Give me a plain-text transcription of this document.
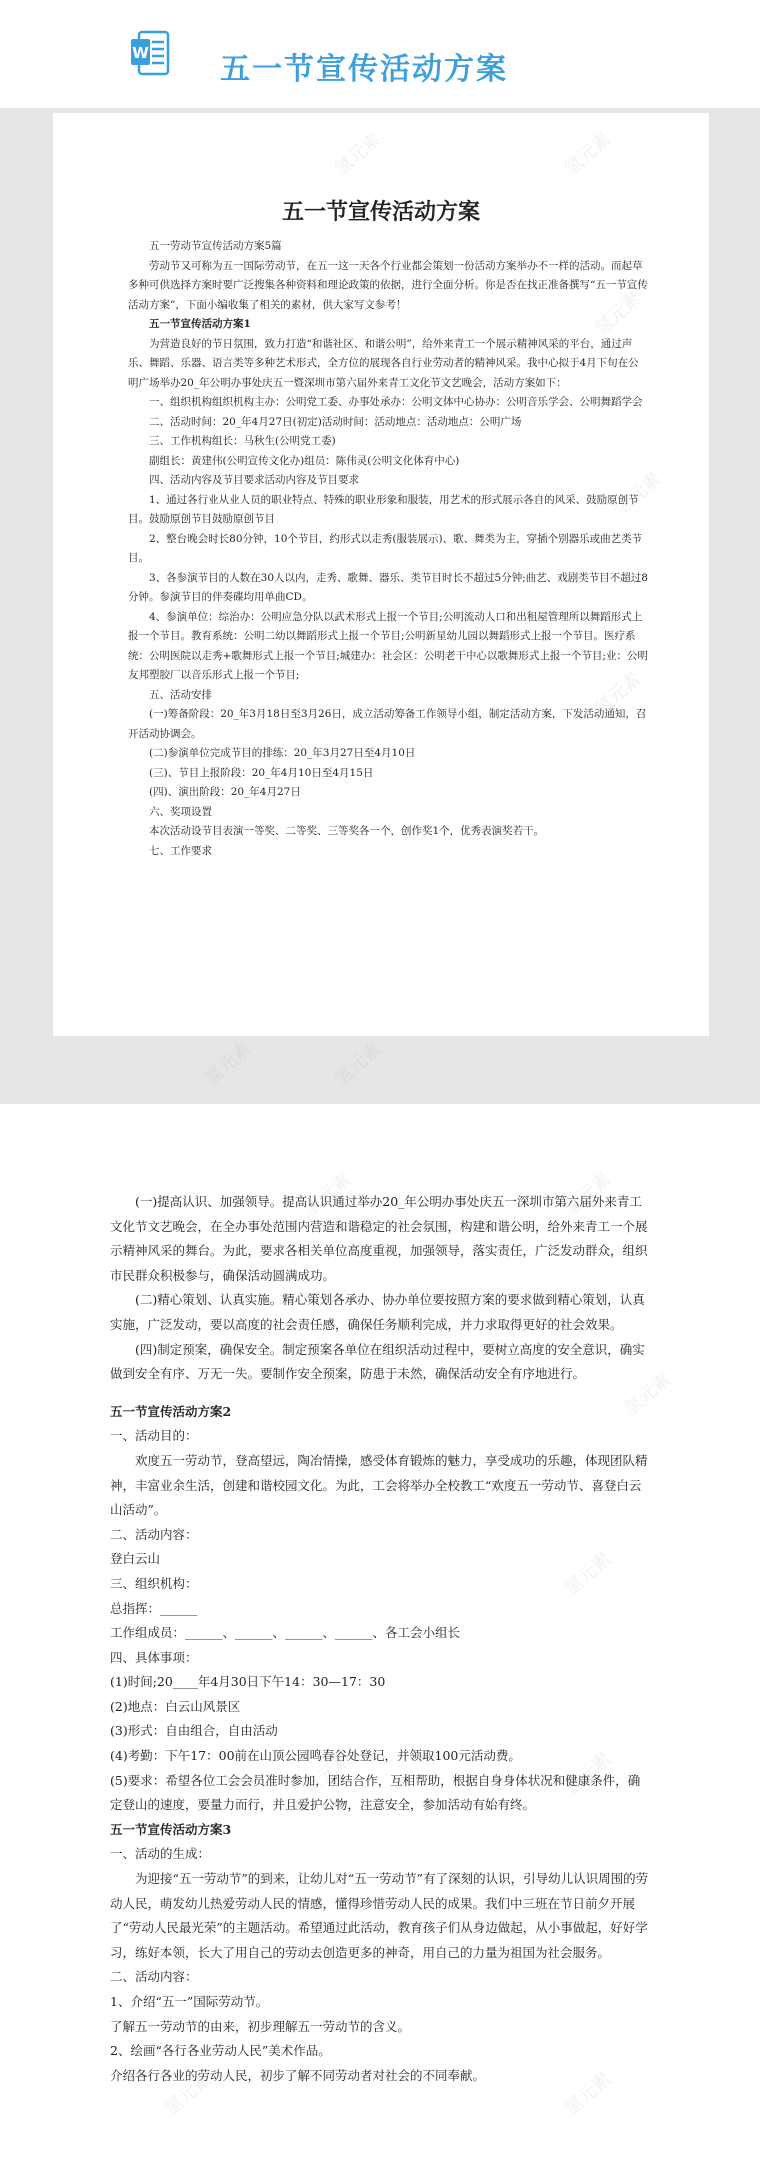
W 五一节宣传活动方案
五一节宣传活动方案

五一劳动节宣传活动方案5篇

劳动节又可称为五一国际劳动节，在五一这一天各个行业都会策划一份活动方案举办不一样的活动。而起草多种可供选择方案时要广泛搜集各种资料和理论政策的依据，进行全面分析。你是否在找正准备撰写“五一节宣传活动方案”，下面小编收集了相关的素材，供大家写文参考！

五一节宣传活动方案1

为营造良好的节日氛围，致力打造“和谐社区、和谐公明”，给外来青工一个展示精神风采的平台，通过声乐、舞蹈、乐器、语言类等多种艺术形式，全方位的展现各自行业劳动者的精神风采。我中心拟于4月下旬在公明广场举办20_年公明办事处庆五一暨深圳市第六届外来青工文化节文艺晚会，活动方案如下：

一、组织机构组织机构主办：公明党工委、办事处承办：公明文体中心协办：公明音乐学会、公明舞蹈学会

二、活动时间：20_年4月27日(初定)活动时间：活动地点：活动地点：公明广场

三、工作机构组长：马秋生(公明党工委)

副组长：黄建伟(公明宣传文化办)组员：陈伟灵(公明文化体育中心)

四、活动内容及节目要求活动内容及节目要求

1、通过各行业从业人员的职业特点、特殊的职业形象和服装，用艺术的形式展示各自的风采、鼓励原创节目。鼓励原创节目鼓励原创节目

2、整台晚会时长80分钟，10个节目，约形式以走秀(服装展示)、歌、舞类为主，穿插个别器乐或曲艺类节目。

3、各参演节目的人数在30人以内，走秀、歌舞、器乐、类节目时长不超过5分钟;曲艺、戏剧类节目不超过8分钟。参演节目的伴奏碟均用单曲CD。

4、参演单位：综治办：公明应急分队以武术形式上报一个节目;公明流动人口和出租屋管理所以舞蹈形式上报一个节目。教育系统：公明二幼以舞蹈形式上报一个节目;公明新星幼儿园以舞蹈形式上报一个节目。医疗系统：公明医院以走秀+歌舞形式上报一个节目;城建办：社会区：公明老干中心以歌舞形式上报一个节目;业：公明友邦塑胶厂以音乐形式上报一个节目;

五、活动安排

(一)筹备阶段：20_年3月18日至3月26日，成立活动筹备工作领导小组，制定活动方案，下发活动通知，召开活动协调会。

(二)参演单位完成节目的排练：20_年3月27日至4月10日

(三)、节目上报阶段：20_年4月10日至4月15日

(四)、演出阶段：20_年4月27日

六、奖项设置

本次活动设节目表演一等奖、二等奖、三等奖各一个，创作奖1个，优秀表演奖若干。

七、工作要求

(一)提高认识、加强领导。提高认识通过举办20_年公明办事处庆五一深圳市第六届外来青工文化节文艺晚会，在全办事处范围内营造和谐稳定的社会氛围，构建和谐公明，给外来青工一个展示精神风采的舞台。为此，要求各相关单位高度重视，加强领导，落实责任，广泛发动群众，组织市民群众积极参与，确保活动圆满成功。

(二)精心策划、认真实施。精心策划各承办、协办单位要按照方案的要求做到精心策划，认真实施，广泛发动，要以高度的社会责任感，确保任务顺利完成，并力求取得更好的社会效果。

(四)制定预案，确保安全。制定预案各单位在组织活动过程中，要树立高度的安全意识，确实做到安全有序、万无一失。要制作安全预案，防患于未然，确保活动安全有序地进行。

五一节宣传活动方案2

一、活动目的：

欢度五一劳动节，登高望远，陶冶情操，感受体育锻炼的魅力，享受成功的乐趣，体现团队精神，丰富业余生活，创建和谐校园文化。为此，工会将举办全校教工“欢度五一劳动节、喜登白云山活动”。

二、活动内容：

登白云山

三、组织机构：

总指挥：______

工作组成员：______、______、______、______、各工会小组长

四、具体事项：

(1)时间;20____年4月30日下午14：30—17：30

(2)地点：白云山风景区

(3)形式：自由组合，自由活动

(4)考勤：下午17：00前在山顶公园鸣春谷处登记，并领取100元活动费。

(5)要求：希望各位工会会员准时参加，团结合作，互相帮助，根据自身身体状况和健康条件，确定登山的速度，要量力而行，并且爱护公物，注意安全，参加活动有始有终。

五一节宣传活动方案3

一、活动的生成：

为迎接“五一劳动节”的到来，让幼儿对“五一劳动节”有了深刻的认识，引导幼儿认识周围的劳动人民，萌发幼儿热爱劳动人民的情感，懂得珍惜劳动人民的成果。我们中三班在节日前夕开展了“劳动人民最光荣”的主题活动。希望通过此活动，教育孩子们从身边做起，从小事做起，好好学习，练好本领，长大了用自己的劳动去创造更多的神奇，用自己的力量为祖国为社会服务。

二、活动内容：

1、介绍“五一”国际劳动节。

了解五一劳动节的由来，初步理解五一劳动节的含义。

2、绘画“各行各业劳动人民”美术作品。

介绍各行各业的劳动人民，初步了解不同劳动者对社会的不同奉献。
